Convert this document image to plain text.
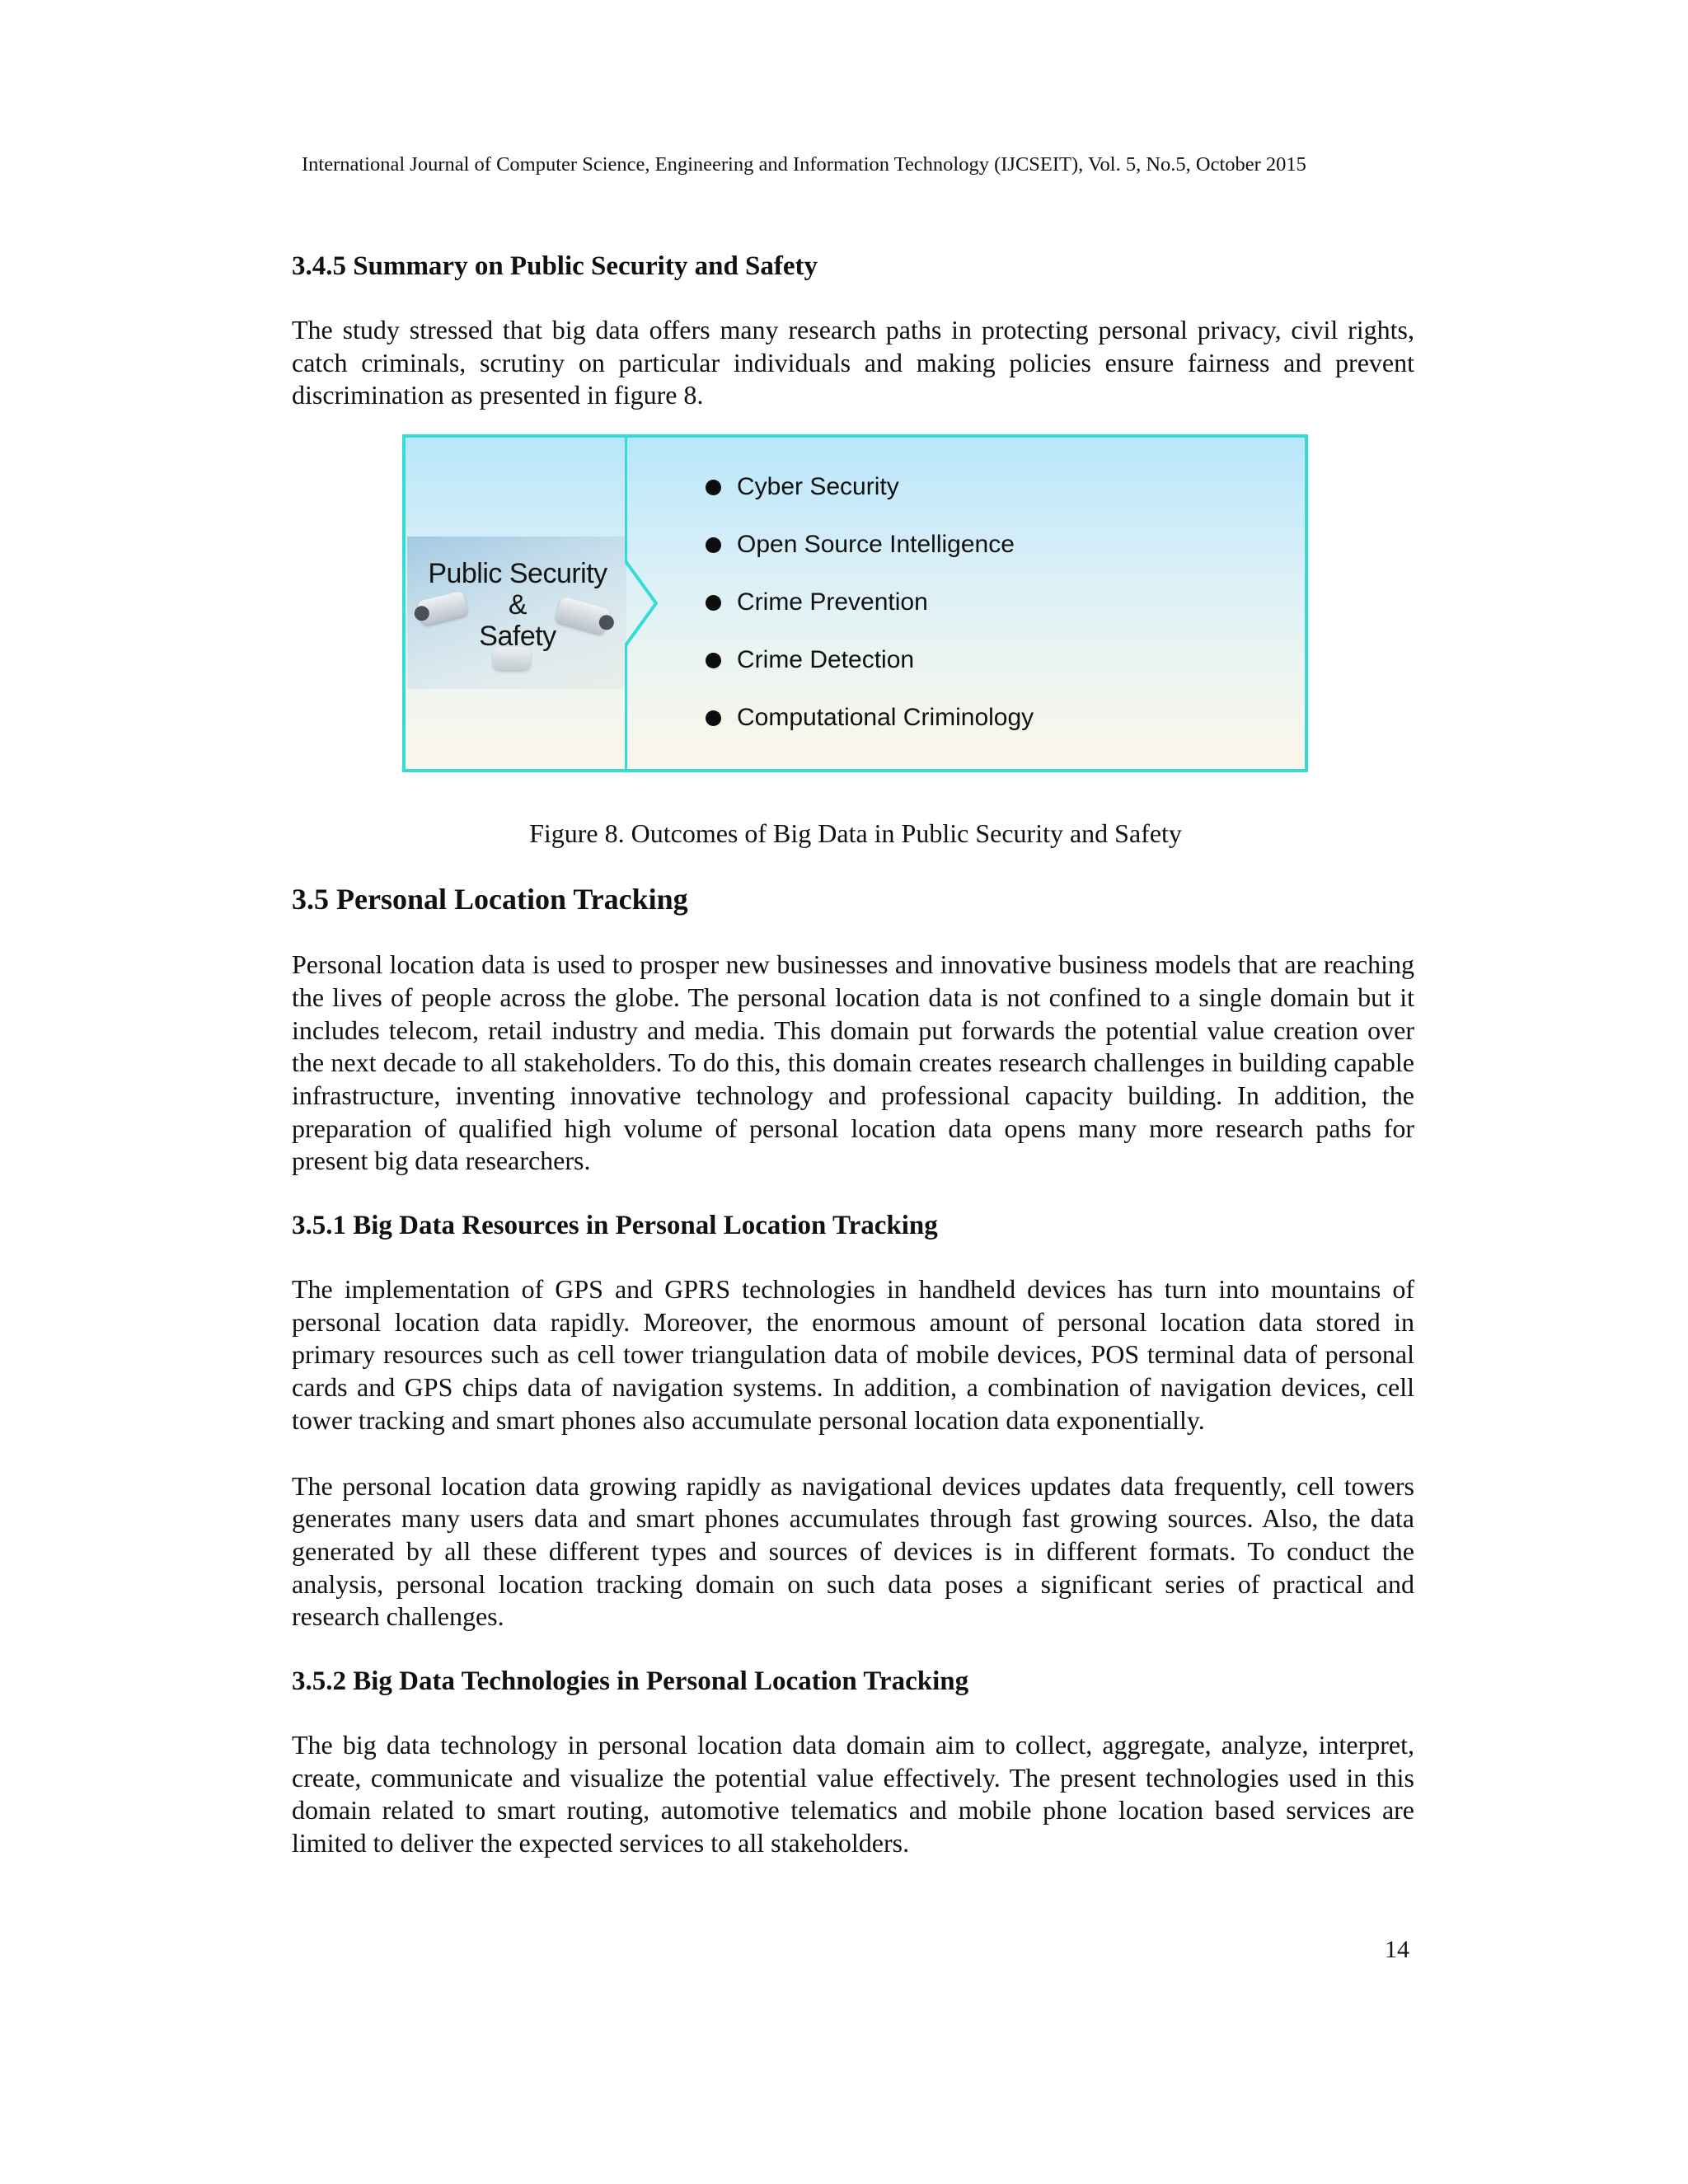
International Journal of Computer Science, Engineering and Information Technology (IJCSEIT), Vol. 5, No.5, October 2015
3.4.5 Summary on Public Security and Safety

The study stressed that big data offers many research paths in protecting personal privacy, civil rights, catch criminals, scrutiny on particular individuals and making policies ensure fairness and prevent discrimination as presented in figure 8.

Public Security
&
Safety
Cyber Security
Open Source Intelligence
Crime Prevention
Crime Detection
Computational Criminology

Figure 8. Outcomes of Big Data in Public Security and Safety

3.5 Personal Location Tracking

Personal location data is used to prosper new businesses and innovative business models that are reaching the lives of people across the globe. The personal location data is not confined to a single domain but it includes telecom, retail industry and media. This domain put forwards the potential value creation over the next decade to all stakeholders. To do this, this domain creates research challenges in building capable infrastructure, inventing innovative technology and professional capacity building. In addition, the preparation of qualified high volume of personal location data opens many more research paths for present big data researchers.

3.5.1 Big Data Resources in Personal Location Tracking

The implementation of GPS and GPRS technologies in handheld devices has turn into mountains of personal location data rapidly. Moreover, the enormous amount of personal location data stored in primary resources such as cell tower triangulation data of mobile devices, POS terminal data of personal cards and GPS chips data of navigation systems. In addition, a combination of navigation devices, cell tower tracking and smart phones also accumulate personal location data exponentially.

The personal location data growing rapidly as navigational devices updates data frequently, cell towers generates many users data and smart phones accumulates through fast growing sources. Also, the data generated by all these different types and sources of devices is in different formats. To conduct the analysis, personal location tracking domain on such data poses a significant series of practical and research challenges.

3.5.2 Big Data Technologies in Personal Location Tracking

The big data technology in personal location data domain aim to collect, aggregate, analyze, interpret, create, communicate and visualize the potential value effectively. The present technologies used in this domain related to smart routing, automotive telematics and mobile phone location based services are limited to deliver the expected services to all stakeholders.

14
